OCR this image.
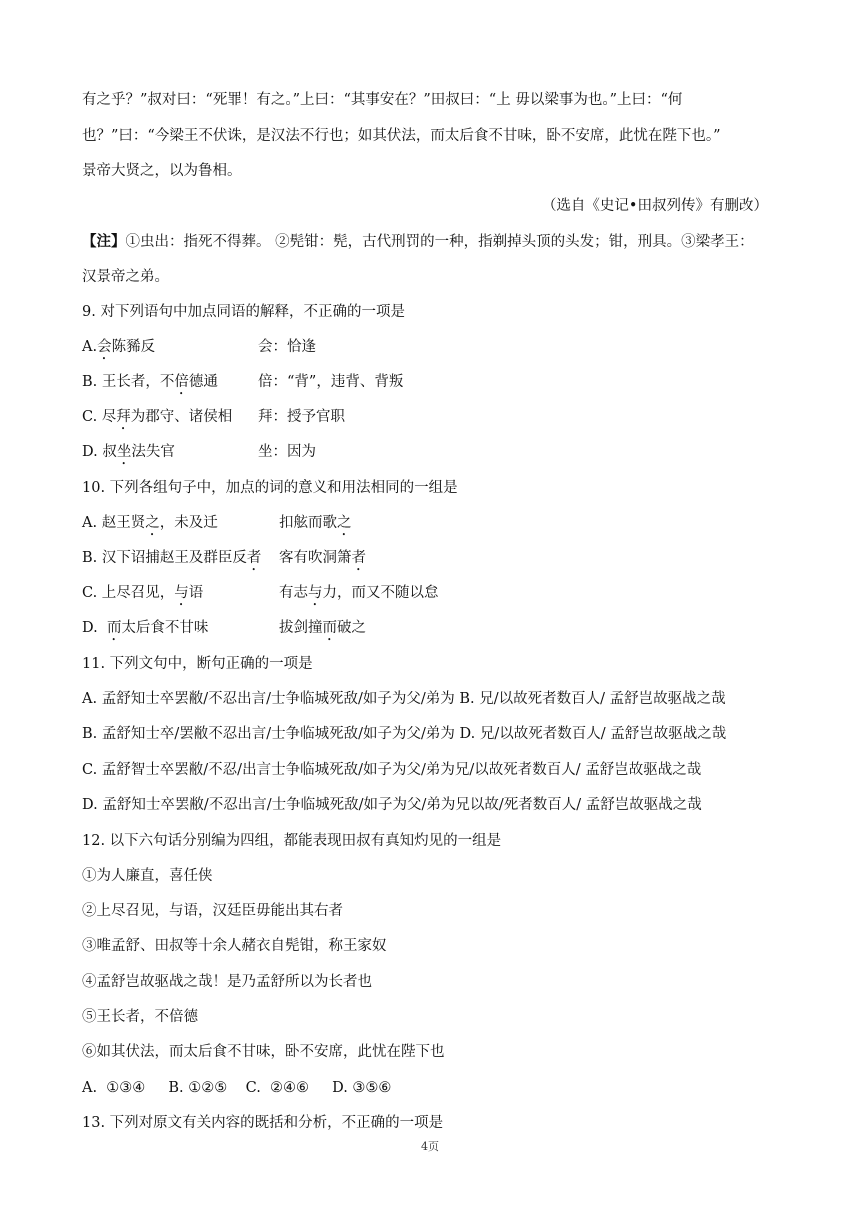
有之乎？”叔对曰：“死罪！有之。”上曰：“其事安在？”田叔曰：“上 毋以梁事为也。”上曰：“何
也？”曰：“今梁王不伏诛，是汉法不行也；如其伏法，而太后食不甘味，卧不安席，此忧在陛下也。”
景帝大贤之，以为鲁相。
（选自《史记•田叔列传》有删改）
【注】①虫出：指死不得葬。 ②髡钳：髡，古代刑罚的一种，指剃掉头顶的头发；钳，刑具。③梁孝王：
汉景帝之弟。
9. 对下列语句中加点同语的解释，不正确的一项是
A.会陈豨反	会：恰逢
B. 王长者，不倍德通	倍：“背”，违背、背叛
C. 尽拜为郡守、诸侯相 拜：授予官职
D. 叔坐法失官	坐：因为
10. 下列各组句子中，加点的词的意义和用法相同的一组是
A. 赵王贤之，未及迁	扣舷而歌之
B. 汉下诏捕赵王及群臣反者 客有吹洞箫者
C. 上尽召见，与语	有志与力，而又不随以怠
D.  而太后食不甘味	拔剑撞而破之
11. 下列文句中，断句正确的一项是
A. 孟舒知士卒罢敝/不忍出言/士争临城死敌/如子为父/弟为 B. 兄/以故死者数百人/ 孟舒岂故驱战之哉
B. 孟舒知士卒/罢敝不忍出言/士争临城死敌/如子为父/弟为 D. 兄/以故死者数百人/ 孟舒岂故驱战之哉
C. 孟舒智士卒罢敝/不忍/出言士争临城死敌/如子为父/弟为兄/以故死者数百人/ 孟舒岂故驱战之哉
D. 孟舒知士卒罢敝/不忍出言/士争临城死敌/如子为父/弟为兄以故/死者数百人/ 孟舒岂故驱战之哉
12. 以下六句话分别编为四组，都能表现田叔有真知灼见的一组是
①为人廉直，喜任侠
②上尽召见，与语，汉廷臣毋能出其右者
③唯孟舒、田叔等十余人赭衣自髡钳，称王家奴
④孟舒岂故驱战之哉！是乃孟舒所以为长者也
⑤王长者，不倍德
⑥如其伏法，而太后食不甘味，卧不安席，此忧在陛下也
A.  ①③④     B. ①②⑤    C.  ②④⑥     D. ③⑤⑥
13. 下列对原文有关内容的既括和分析，不正确的一项是
4页
